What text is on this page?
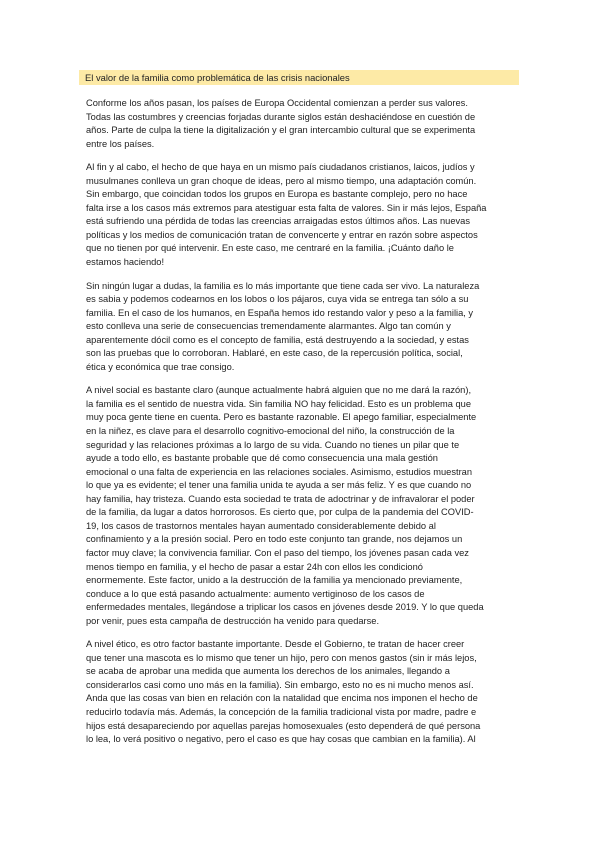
El valor de la familia como problemática de las crisis nacionales

Conforme los años pasan, los países de Europa Occidental comienzan a perder sus valores.
Todas las costumbres y creencias forjadas durante siglos están deshaciéndose en cuestión de
años. Parte de culpa la tiene la digitalización y el gran intercambio cultural que se experimenta
entre los países.

Al fin y al cabo, el hecho de que haya en un mismo país ciudadanos cristianos, laicos, judíos y
musulmanes conlleva un gran choque de ideas, pero al mismo tiempo, una adaptación común.
Sin embargo, que coincidan todos los grupos en Europa es bastante complejo, pero no hace
falta irse a los casos más extremos para atestiguar esta falta de valores. Sin ir más lejos, España
está sufriendo una pérdida de todas las creencias arraigadas estos últimos años. Las nuevas
políticas y los medios de comunicación tratan de convencerte y entrar en razón sobre aspectos
que no tienen por qué intervenir. En este caso, me centraré en la familia. ¡Cuánto daño le
estamos haciendo!

Sin ningún lugar a dudas, la familia es lo más importante que tiene cada ser vivo. La naturaleza
es sabia y podemos codearnos en los lobos o los pájaros, cuya vida se entrega tan sólo a su
familia. En el caso de los humanos, en España hemos ido restando valor y peso a la familia, y
esto conlleva una serie de consecuencias tremendamente alarmantes. Algo tan común y
aparentemente dócil como es el concepto de familia, está destruyendo a la sociedad, y estas
son las pruebas que lo corroboran. Hablaré, en este caso, de la repercusión política, social,
ética y económica que trae consigo.

A nivel social es bastante claro (aunque actualmente habrá alguien que no me dará la razón),
la familia es el sentido de nuestra vida. Sin familia NO hay felicidad. Esto es un problema que
muy poca gente tiene en cuenta. Pero es bastante razonable. El apego familiar, especialmente
en la niñez, es clave para el desarrollo cognitivo-emocional del niño, la construcción de la
seguridad y las relaciones próximas a lo largo de su vida. Cuando no tienes un pilar que te
ayude a todo ello, es bastante probable que dé como consecuencia una mala gestión
emocional o una falta de experiencia en las relaciones sociales. Asimismo, estudios muestran
lo que ya es evidente; el tener una familia unida te ayuda a ser más feliz. Y es que cuando no
hay familia, hay tristeza. Cuando esta sociedad te trata de adoctrinar y de infravalorar el poder
de la familia, da lugar a datos horrorosos. Es cierto que, por culpa de la pandemia del COVID-
19, los casos de trastornos mentales hayan aumentado considerablemente debido al
confinamiento y a la presión social. Pero en todo este conjunto tan grande, nos dejamos un
factor muy clave; la convivencia familiar. Con el paso del tiempo, los jóvenes pasan cada vez
menos tiempo en familia, y el hecho de pasar a estar 24h con ellos les condicionó
enormemente. Este factor, unido a la destrucción de la familia ya mencionado previamente,
conduce a lo que está pasando actualmente: aumento vertiginoso de los casos de
enfermedades mentales, llegándose a triplicar los casos en jóvenes desde 2019. Y lo que queda
por venir, pues esta campaña de destrucción ha venido para quedarse.

A nivel ético, es otro factor bastante importante. Desde el Gobierno, te tratan de hacer creer
que tener una mascota es lo mismo que tener un hijo, pero con menos gastos (sin ir más lejos,
se acaba de aprobar una medida que aumenta los derechos de los animales, llegando a
considerarlos casi como uno más en la familia). Sin embargo, esto no es ni mucho menos así.
Anda que las cosas van bien en relación con la natalidad que encima nos imponen el hecho de
reducirlo todavía más. Además, la concepción de la familia tradicional vista por madre, padre e
hijos está desapareciendo por aquellas parejas homosexuales (esto dependerá de qué persona
lo lea, lo verá positivo o negativo, pero el caso es que hay cosas que cambian en la familia). Al
